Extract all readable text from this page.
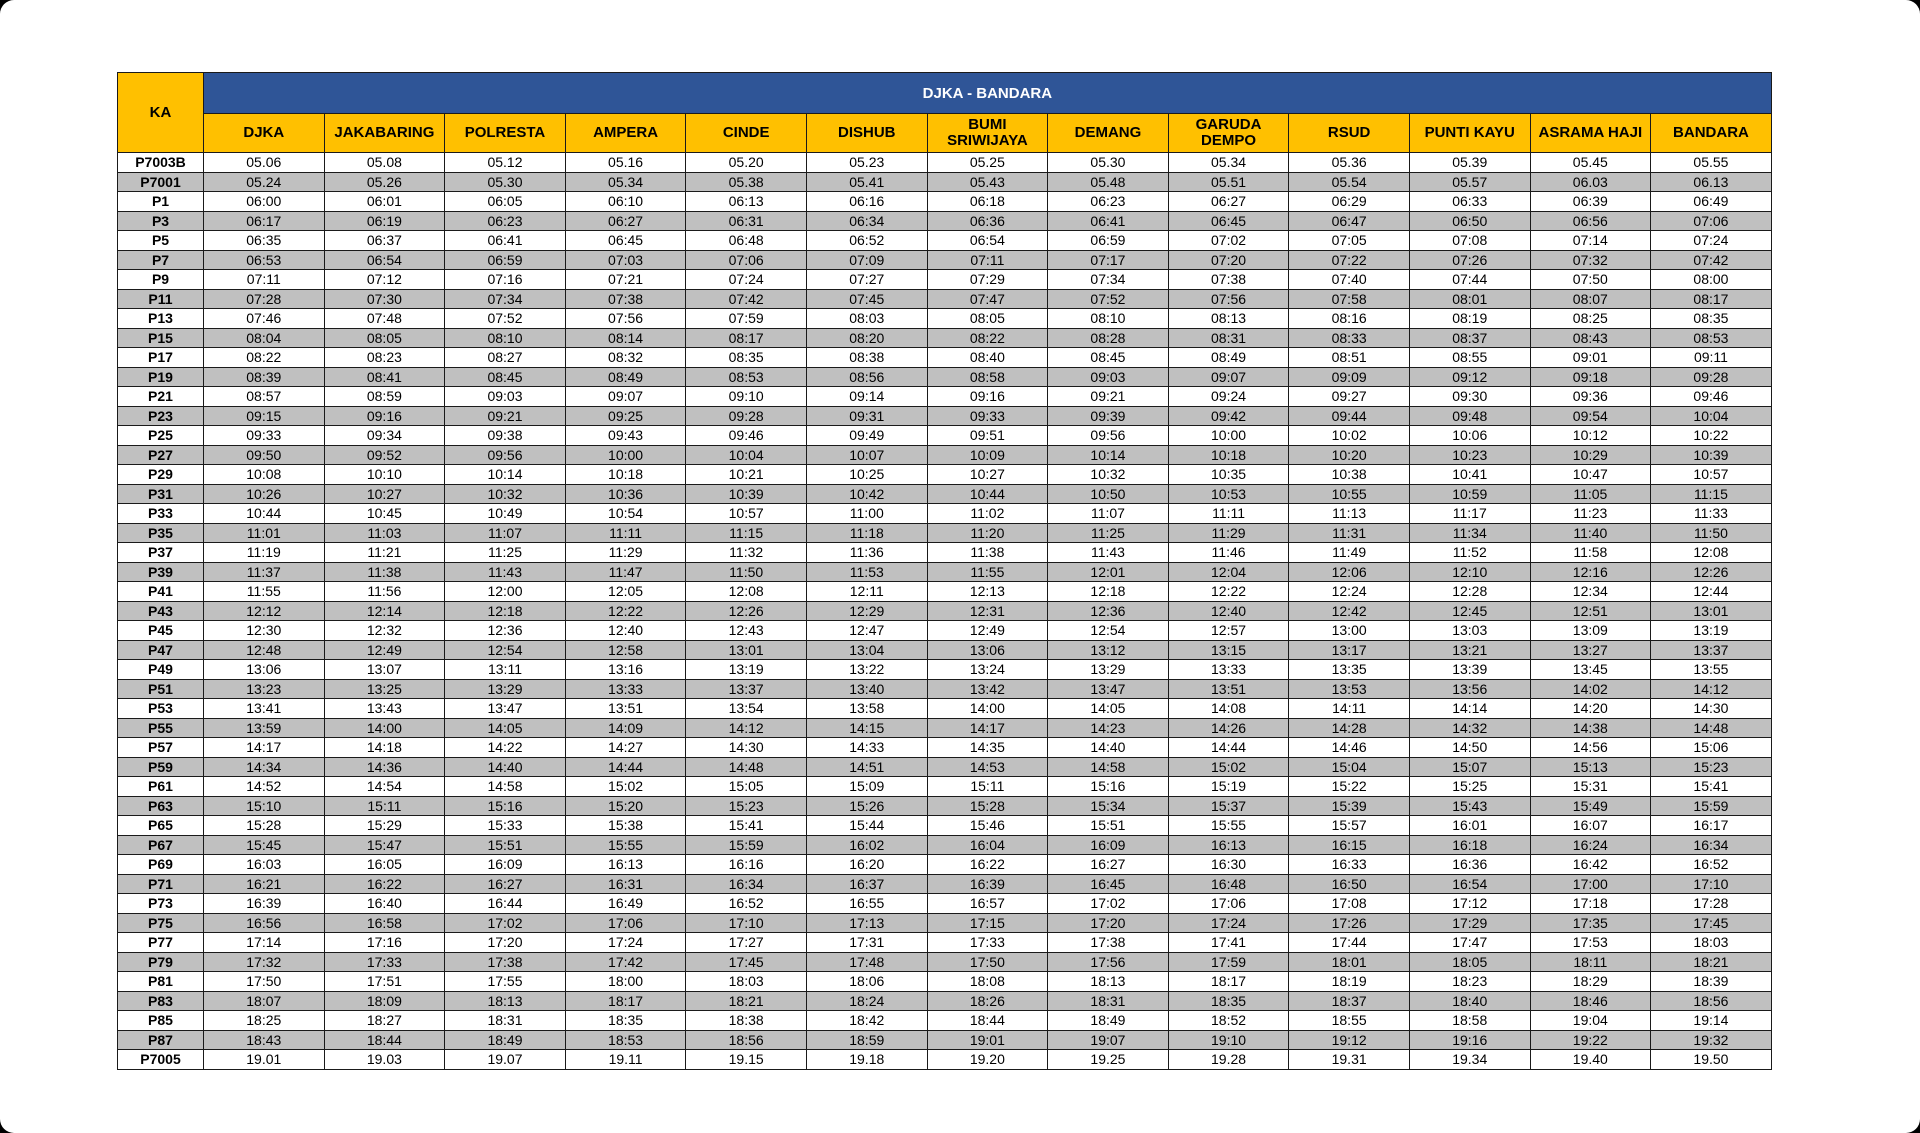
KA	DJKA - BANDARA												
	DJKA	JAKABARING	POLRESTA	AMPERA	CINDE	DISHUB	BUMI SRIWIJAYA	DEMANG	GARUDA DEMPO	RSUD	PUNTI KAYU	ASRAMA HAJI	BANDARA
P7003B	05.06	05.08	05.12	05.16	05.20	05.23	05.25	05.30	05.34	05.36	05.39	05.45	05.55
P7001	05.24	05.26	05.30	05.34	05.38	05.41	05.43	05.48	05.51	05.54	05.57	06.03	06.13
P1	06:00	06:01	06:05	06:10	06:13	06:16	06:18	06:23	06:27	06:29	06:33	06:39	06:49
P3	06:17	06:19	06:23	06:27	06:31	06:34	06:36	06:41	06:45	06:47	06:50	06:56	07:06
P5	06:35	06:37	06:41	06:45	06:48	06:52	06:54	06:59	07:02	07:05	07:08	07:14	07:24
P7	06:53	06:54	06:59	07:03	07:06	07:09	07:11	07:17	07:20	07:22	07:26	07:32	07:42
P9	07:11	07:12	07:16	07:21	07:24	07:27	07:29	07:34	07:38	07:40	07:44	07:50	08:00
P11	07:28	07:30	07:34	07:38	07:42	07:45	07:47	07:52	07:56	07:58	08:01	08:07	08:17
P13	07:46	07:48	07:52	07:56	07:59	08:03	08:05	08:10	08:13	08:16	08:19	08:25	08:35
P15	08:04	08:05	08:10	08:14	08:17	08:20	08:22	08:28	08:31	08:33	08:37	08:43	08:53
P17	08:22	08:23	08:27	08:32	08:35	08:38	08:40	08:45	08:49	08:51	08:55	09:01	09:11
P19	08:39	08:41	08:45	08:49	08:53	08:56	08:58	09:03	09:07	09:09	09:12	09:18	09:28
P21	08:57	08:59	09:03	09:07	09:10	09:14	09:16	09:21	09:24	09:27	09:30	09:36	09:46
P23	09:15	09:16	09:21	09:25	09:28	09:31	09:33	09:39	09:42	09:44	09:48	09:54	10:04
P25	09:33	09:34	09:38	09:43	09:46	09:49	09:51	09:56	10:00	10:02	10:06	10:12	10:22
P27	09:50	09:52	09:56	10:00	10:04	10:07	10:09	10:14	10:18	10:20	10:23	10:29	10:39
P29	10:08	10:10	10:14	10:18	10:21	10:25	10:27	10:32	10:35	10:38	10:41	10:47	10:57
P31	10:26	10:27	10:32	10:36	10:39	10:42	10:44	10:50	10:53	10:55	10:59	11:05	11:15
P33	10:44	10:45	10:49	10:54	10:57	11:00	11:02	11:07	11:11	11:13	11:17	11:23	11:33
P35	11:01	11:03	11:07	11:11	11:15	11:18	11:20	11:25	11:29	11:31	11:34	11:40	11:50
P37	11:19	11:21	11:25	11:29	11:32	11:36	11:38	11:43	11:46	11:49	11:52	11:58	12:08
P39	11:37	11:38	11:43	11:47	11:50	11:53	11:55	12:01	12:04	12:06	12:10	12:16	12:26
P41	11:55	11:56	12:00	12:05	12:08	12:11	12:13	12:18	12:22	12:24	12:28	12:34	12:44
P43	12:12	12:14	12:18	12:22	12:26	12:29	12:31	12:36	12:40	12:42	12:45	12:51	13:01
P45	12:30	12:32	12:36	12:40	12:43	12:47	12:49	12:54	12:57	13:00	13:03	13:09	13:19
P47	12:48	12:49	12:54	12:58	13:01	13:04	13:06	13:12	13:15	13:17	13:21	13:27	13:37
P49	13:06	13:07	13:11	13:16	13:19	13:22	13:24	13:29	13:33	13:35	13:39	13:45	13:55
P51	13:23	13:25	13:29	13:33	13:37	13:40	13:42	13:47	13:51	13:53	13:56	14:02	14:12
P53	13:41	13:43	13:47	13:51	13:54	13:58	14:00	14:05	14:08	14:11	14:14	14:20	14:30
P55	13:59	14:00	14:05	14:09	14:12	14:15	14:17	14:23	14:26	14:28	14:32	14:38	14:48
P57	14:17	14:18	14:22	14:27	14:30	14:33	14:35	14:40	14:44	14:46	14:50	14:56	15:06
P59	14:34	14:36	14:40	14:44	14:48	14:51	14:53	14:58	15:02	15:04	15:07	15:13	15:23
P61	14:52	14:54	14:58	15:02	15:05	15:09	15:11	15:16	15:19	15:22	15:25	15:31	15:41
P63	15:10	15:11	15:16	15:20	15:23	15:26	15:28	15:34	15:37	15:39	15:43	15:49	15:59
P65	15:28	15:29	15:33	15:38	15:41	15:44	15:46	15:51	15:55	15:57	16:01	16:07	16:17
P67	15:45	15:47	15:51	15:55	15:59	16:02	16:04	16:09	16:13	16:15	16:18	16:24	16:34
P69	16:03	16:05	16:09	16:13	16:16	16:20	16:22	16:27	16:30	16:33	16:36	16:42	16:52
P71	16:21	16:22	16:27	16:31	16:34	16:37	16:39	16:45	16:48	16:50	16:54	17:00	17:10
P73	16:39	16:40	16:44	16:49	16:52	16:55	16:57	17:02	17:06	17:08	17:12	17:18	17:28
P75	16:56	16:58	17:02	17:06	17:10	17:13	17:15	17:20	17:24	17:26	17:29	17:35	17:45
P77	17:14	17:16	17:20	17:24	17:27	17:31	17:33	17:38	17:41	17:44	17:47	17:53	18:03
P79	17:32	17:33	17:38	17:42	17:45	17:48	17:50	17:56	17:59	18:01	18:05	18:11	18:21
P81	17:50	17:51	17:55	18:00	18:03	18:06	18:08	18:13	18:17	18:19	18:23	18:29	18:39
P83	18:07	18:09	18:13	18:17	18:21	18:24	18:26	18:31	18:35	18:37	18:40	18:46	18:56
P85	18:25	18:27	18:31	18:35	18:38	18:42	18:44	18:49	18:52	18:55	18:58	19:04	19:14
P87	18:43	18:44	18:49	18:53	18:56	18:59	19:01	19:07	19:10	19:12	19:16	19:22	19:32
P7005	19.01	19.03	19.07	19.11	19.15	19.18	19.20	19.25	19.28	19.31	19.34	19.40	19.50
